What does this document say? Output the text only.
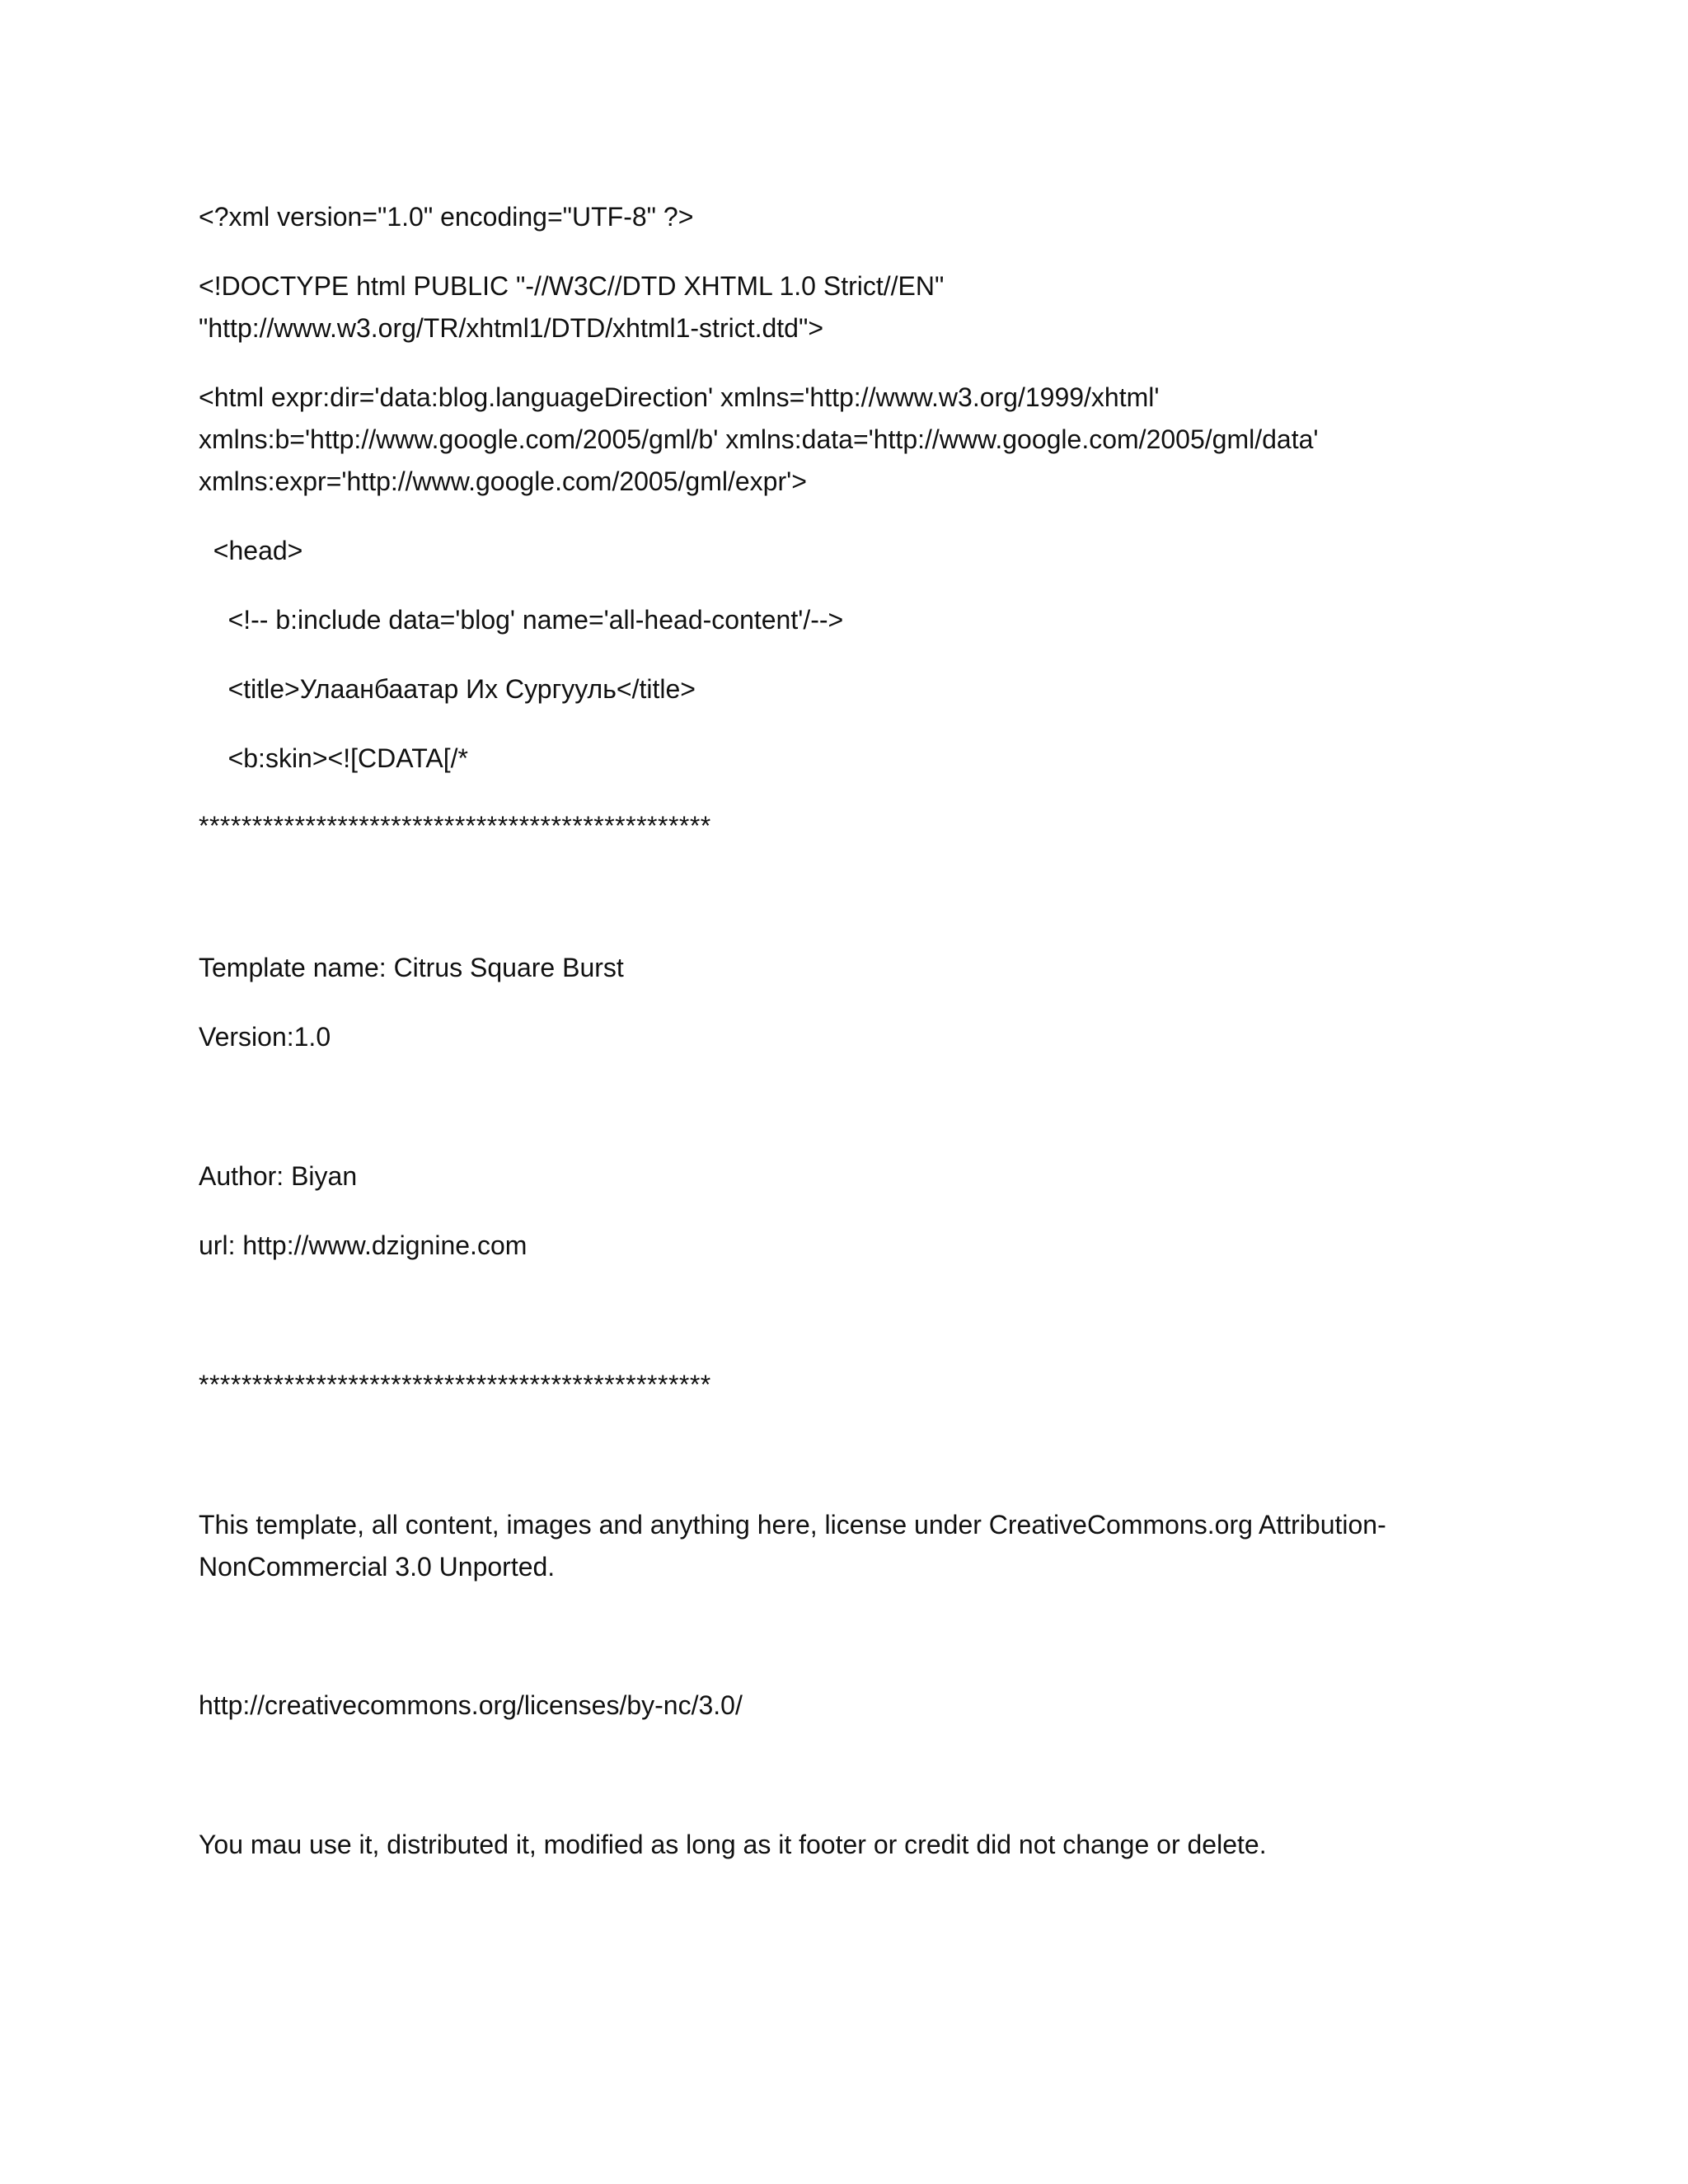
<?xml version="1.0" encoding="UTF-8" ?>

<!DOCTYPE html PUBLIC "-//W3C//DTD XHTML 1.0 Strict//EN"

"http://www.w3.org/TR/xhtml1/DTD/xhtml1-strict.dtd">

<html expr:dir='data:blog.languageDirection' xmlns='http://www.w3.org/1999/xhtml'

xmlns:b='http://www.google.com/2005/gml/b' xmlns:data='http://www.google.com/2005/gml/data'

xmlns:expr='http://www.google.com/2005/gml/expr'>

<head>

<!-- b:include data='blog' name='all-head-content'/-->

<title>Улаанбаатар Их Сургууль</title>

<b:skin><![CDATA[/*

************************************************

Template name: Citrus Square Burst

Version:1.0

Author: Biyan

url: http://www.dzignine.com

************************************************

This template, all content, images and anything here, license under CreativeCommons.org Attribution-

NonCommercial 3.0 Unported.

http://creativecommons.org/licenses/by-nc/3.0/

You mau use it, distributed it, modified as long as it footer or credit did not change or delete.
